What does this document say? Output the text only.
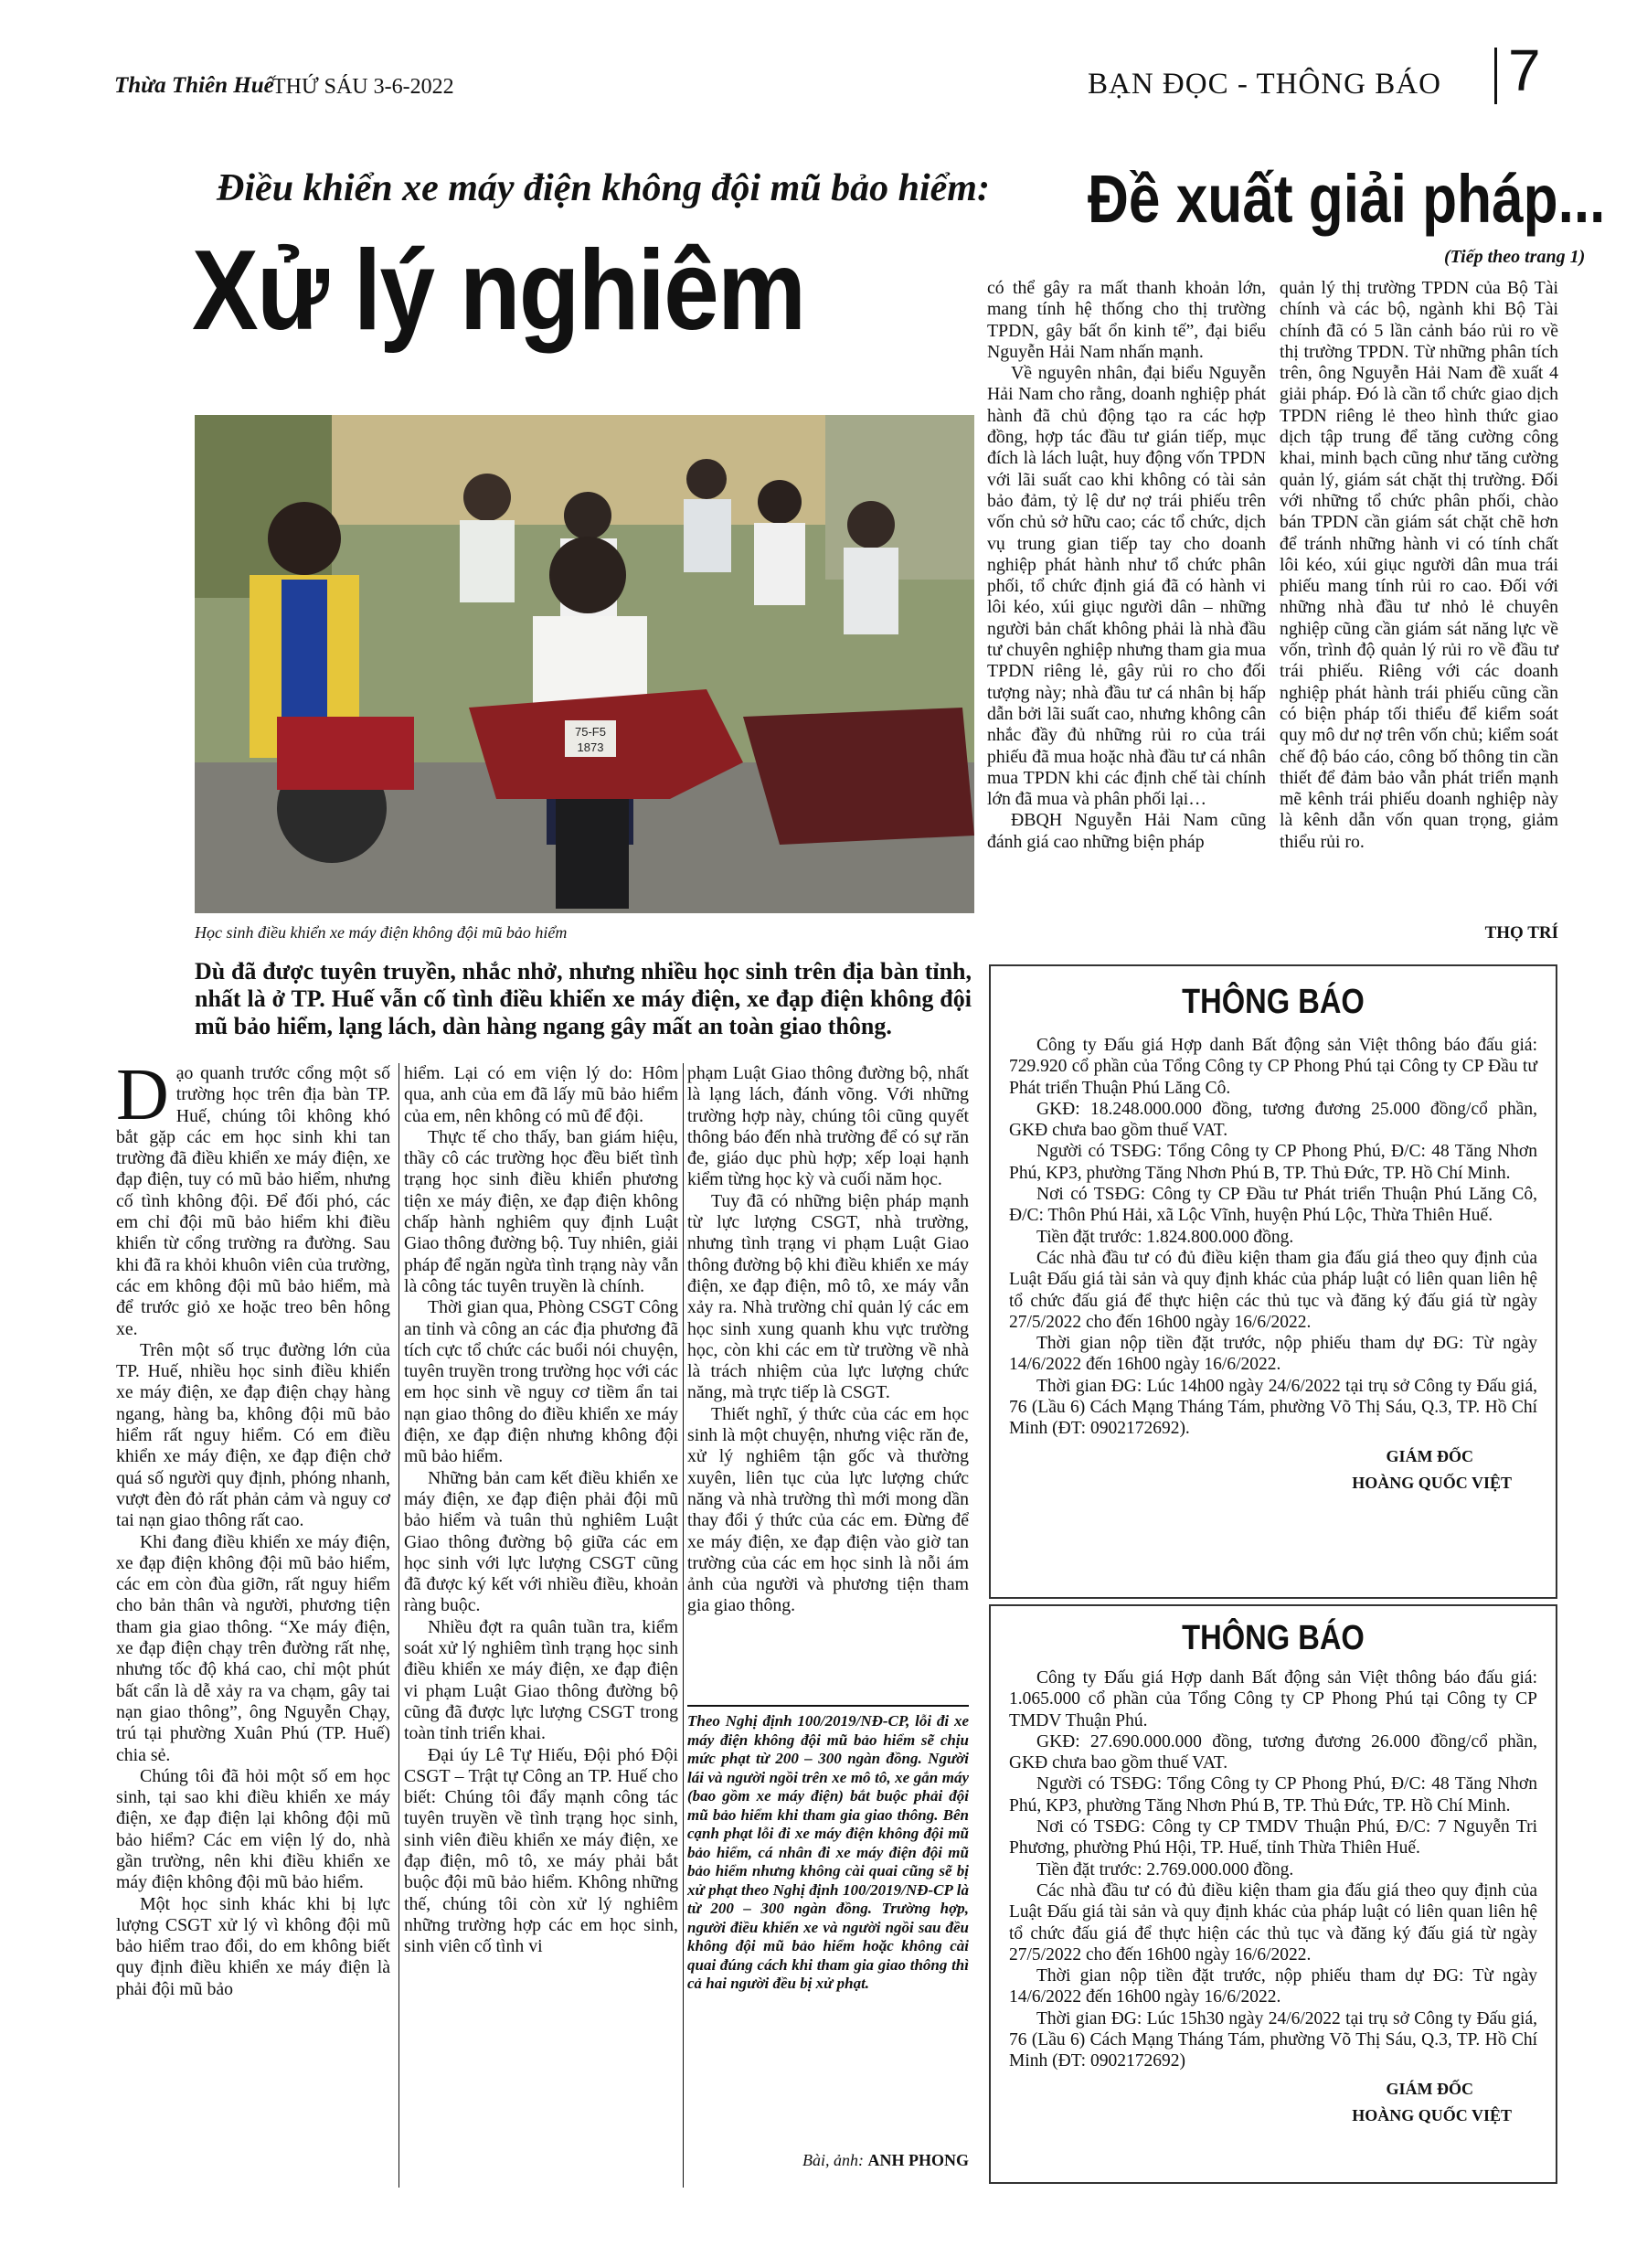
Thừa Thiên Huế
THỨ SÁU 3-6-2022	BẠN ĐỌC - THÔNG BÁO 7
Điều khiển xe máy điện không đội mũ bảo hiểm:
Xử lý nghiêm
75-F5
1873
Học sinh điều khiển xe máy điện không đội mũ bảo hiểm
Dù đã được tuyên truyền, nhắc nhở, nhưng nhiều học sinh trên địa bàn tỉnh, nhất là ở TP. Huế vẫn cố tình điều khiển xe máy điện, xe đạp điện không đội mũ bảo hiểm, lạng lách, dàn hàng ngang gây mất an toàn giao thông.

Dạo quanh trước cổng một số trường học trên địa bàn TP. Huế, chúng tôi không khó bắt gặp các em học sinh khi tan trường đã điều khiển xe máy điện, xe đạp điện, tuy có mũ bảo hiểm, nhưng cố tình không đội. Để đối phó, các em chỉ đội mũ bảo hiểm khi điều khiển từ cổng trường ra đường. Sau khi đã ra khỏi khuôn viên của trường, các em không đội mũ bảo hiểm, mà để trước giỏ xe hoặc treo bên hông xe.

Trên một số trục đường lớn của TP. Huế, nhiều học sinh điều khiển xe máy điện, xe đạp điện chạy hàng ngang, hàng ba, không đội mũ bảo hiểm rất nguy hiểm. Có em điều khiển xe máy điện, xe đạp điện chở quá số người quy định, phóng nhanh, vượt đèn đỏ rất phản cảm và nguy cơ tai nạn giao thông rất cao.

Khi đang điều khiển xe máy điện, xe đạp điện không đội mũ bảo hiểm, các em còn đùa giỡn, rất nguy hiểm cho bản thân và người, phương tiện tham gia giao thông. “Xe máy điện, xe đạp điện chạy trên đường rất nhẹ, nhưng tốc độ khá cao, chỉ một phút bất cẩn là dễ xảy ra va chạm, gây tai nạn giao thông”, ông Nguyễn Chạy, trú tại phường Xuân Phú (TP. Huế) chia sẻ.

Chúng tôi đã hỏi một số em học sinh, tại sao khi điều khiển xe máy điện, xe đạp điện lại không đội mũ bảo hiểm? Các em viện lý do, nhà gần trường, nên khi điều khiển xe máy điện không đội mũ bảo hiểm.

Một học sinh khác khi bị lực lượng CSGT xử lý vì không đội mũ bảo hiểm trao đổi, do em không biết quy định điều khiển xe máy điện là phải đội mũ bảo

hiểm. Lại có em viện lý do: Hôm qua, anh của em đã lấy mũ bảo hiểm của em, nên không có mũ để đội.

Thực tế cho thấy, ban giám hiệu, thầy cô các trường học đều biết tình trạng học sinh điều khiển phương tiện xe máy điện, xe đạp điện không chấp hành nghiêm quy định Luật Giao thông đường bộ. Tuy nhiên, giải pháp để ngăn ngừa tình trạng này vẫn là công tác tuyên truyền là chính.

Thời gian qua, Phòng CSGT Công an tỉnh và công an các địa phương đã tích cực tổ chức các buổi nói chuyện, tuyên truyền trong trường học với các em học sinh về nguy cơ tiềm ẩn tai nạn giao thông do điều khiển xe máy điện, xe đạp điện nhưng không đội mũ bảo hiểm.

Những bản cam kết điều khiển xe máy điện, xe đạp điện phải đội mũ bảo hiểm và tuân thủ nghiêm Luật Giao thông đường bộ giữa các em học sinh với lực lượng CSGT cũng đã được ký kết với nhiều điều, khoản ràng buộc.

Nhiều đợt ra quân tuần tra, kiểm soát xử lý nghiêm tình trạng học sinh điều khiển xe máy điện, xe đạp điện vi phạm Luật Giao thông đường bộ cũng đã được lực lượng CSGT trong toàn tỉnh triển khai.

Đại úy Lê Tự Hiếu, Đội phó Đội CSGT – Trật tự Công an TP. Huế cho biết: Chúng tôi đẩy mạnh công tác tuyên truyền về tình trạng học sinh, sinh viên điều khiển xe máy điện, xe đạp điện, mô tô, xe máy phải bắt buộc đội mũ bảo hiểm. Không những thế, chúng tôi còn xử lý nghiêm những trường hợp các em học sinh, sinh viên cố tình vi

phạm Luật Giao thông đường bộ, nhất là lạng lách, đánh võng. Với những trường hợp này, chúng tôi cũng quyết thông báo đến nhà trường để có sự răn đe, giáo dục phù hợp; xếp loại hạnh kiểm từng học kỳ và cuối năm học.

Tuy đã có những biện pháp mạnh từ lực lượng CSGT, nhà trường, nhưng tình trạng vi phạm Luật Giao thông đường bộ khi điều khiển xe máy điện, xe đạp điện, mô tô, xe máy vẫn xảy ra. Nhà trường chỉ quản lý các em học sinh xung quanh khu vực trường học, còn khi các em từ trường về nhà là trách nhiệm của lực lượng chức năng, mà trực tiếp là CSGT.

Thiết nghĩ, ý thức của các em học sinh là một chuyện, nhưng việc răn đe, xử lý nghiêm tận gốc và thường xuyên, liên tục của lực lượng chức năng và nhà trường thì mới mong dần thay đổi ý thức của các em. Đừng để xe máy điện, xe đạp điện vào giờ tan trường của các em học sinh là nỗi ám ảnh của người và phương tiện tham gia giao thông.

Theo Nghị định 100/2019/NĐ-CP, lỗi đi xe máy điện không đội mũ bảo hiểm sẽ chịu mức phạt từ 200 – 300 ngàn đồng. Người lái và người ngồi trên xe mô tô, xe gắn máy (bao gồm xe máy điện) bắt buộc phải đội mũ bảo hiểm khi tham gia giao thông. Bên cạnh phạt lỗi đi xe máy điện không đội mũ bảo hiểm, cá nhân đi xe máy điện đội mũ bảo hiểm nhưng không cài quai cũng sẽ bị xử phạt theo Nghị định 100/2019/NĐ-CP là từ 200 – 300 ngàn đồng. Trường hợp, người điều khiển xe và người ngồi sau đều không đội mũ bảo hiểm hoặc không cài quai đúng cách khi tham gia giao thông thì cả hai người đều bị xử phạt.
Bài, ảnh: ANH PHONG
Đề xuất giải pháp...
(Tiếp theo trang 1)

có thể gây ra mất thanh khoản lớn, mang tính hệ thống cho thị trường TPDN, gây bất ổn kinh tế”, đại biểu Nguyễn Hải Nam nhấn mạnh.

Về nguyên nhân, đại biểu Nguyễn Hải Nam cho rằng, doanh nghiệp phát hành đã chủ động tạo ra các hợp đồng, hợp tác đầu tư gián tiếp, mục đích là lách luật, huy động vốn TPDN với lãi suất cao khi không có tài sản bảo đảm, tỷ lệ dư nợ trái phiếu trên vốn chủ sở hữu cao; các tổ chức, dịch vụ trung gian tiếp tay cho doanh nghiệp phát hành như tổ chức phân phối, tổ chức định giá đã có hành vi lôi kéo, xúi giục người dân – những người bản chất không phải là nhà đầu tư chuyên nghiệp nhưng tham gia mua TPDN riêng lẻ, gây rủi ro cho đối tượng này; nhà đầu tư cá nhân bị hấp dẫn bởi lãi suất cao, nhưng không cân nhắc đầy đủ những rủi ro của trái phiếu đã mua hoặc nhà đầu tư cá nhân mua TPDN khi các định chế tài chính lớn đã mua và phân phối lại…

ĐBQH Nguyễn Hải Nam cũng đánh giá cao những biện pháp

quản lý thị trường TPDN của Bộ Tài chính và các bộ, ngành khi Bộ Tài chính đã có 5 lần cảnh báo rủi ro về thị trường TPDN. Từ những phân tích trên, ông Nguyễn Hải Nam đề xuất 4 giải pháp. Đó là cần tổ chức giao dịch TPDN riêng lẻ theo hình thức giao dịch tập trung để tăng cường công khai, minh bạch cũng như tăng cường quản lý, giám sát chặt thị trường. Đối với những tổ chức phân phối, chào bán TPDN cần giám sát chặt chẽ hơn để tránh những hành vi có tính chất lôi kéo, xúi giục người dân mua trái phiếu mang tính rủi ro cao. Đối với những nhà đầu tư nhỏ lẻ chuyên nghiệp cũng cần giám sát năng lực về vốn, trình độ quản lý rủi ro về đầu tư trái phiếu. Riêng với các doanh nghiệp phát hành trái phiếu cũng cần có biện pháp tối thiểu để kiểm soát quy mô dư nợ trên vốn chủ; kiểm soát chế độ báo cáo, công bố thông tin cần thiết để đảm bảo vẫn phát triển mạnh mẽ kênh trái phiếu doanh nghiệp này là kênh dẫn vốn quan trọng, giảm thiểu rủi ro.

THỌ TRÍ
THÔNG BÁO

Công ty Đấu giá Hợp danh Bất động sản Việt thông báo đấu giá: 729.920 cổ phần của Tổng Công ty CP Phong Phú tại Công ty CP Đầu tư Phát triển Thuận Phú Lăng Cô.

GKĐ: 18.248.000.000 đồng, tương đương 25.000 đồng/cổ phần, GKĐ chưa bao gồm thuế VAT.

Người có TSĐG: Tổng Công ty CP Phong Phú, Đ/C: 48 Tăng Nhơn Phú, KP3, phường Tăng Nhơn Phú B, TP. Thủ Đức, TP. Hồ Chí Minh.

Nơi có TSĐG: Công ty CP Đầu tư Phát triển Thuận Phú Lăng Cô, Đ/C: Thôn Phú Hải, xã Lộc Vĩnh, huyện Phú Lộc, Thừa Thiên Huế.

Tiền đặt trước: 1.824.800.000 đồng.

Các nhà đầu tư có đủ điều kiện tham gia đấu giá theo quy định của Luật Đấu giá tài sản và quy định khác của pháp luật có liên quan liên hệ tổ chức đấu giá để thực hiện các thủ tục và đăng ký đấu giá từ ngày 27/5/2022 cho đến 16h00 ngày 16/6/2022.

Thời gian nộp tiền đặt trước, nộp phiếu tham dự ĐG: Từ ngày 14/6/2022 đến 16h00 ngày 16/6/2022.

Thời gian ĐG: Lúc 14h00 ngày 24/6/2022 tại trụ sở Công ty Đấu giá, 76 (Lầu 6) Cách Mạng Tháng Tám, phường Võ Thị Sáu, Q.3, TP. Hồ Chí Minh (ĐT: 0902172692).

GIÁM ĐỐC
HOÀNG QUỐC VIỆT
THÔNG BÁO

Công ty Đấu giá Hợp danh Bất động sản Việt thông báo đấu giá: 1.065.000 cổ phần của Tổng Công ty CP Phong Phú tại Công ty CP TMDV Thuận Phú.

GKĐ: 27.690.000.000 đồng, tương đương 26.000 đồng/cổ phần, GKĐ chưa bao gồm thuế VAT.

Người có TSĐG: Tổng Công ty CP Phong Phú, Đ/C: 48 Tăng Nhơn Phú, KP3, phường Tăng Nhơn Phú B, TP. Thủ Đức, TP. Hồ Chí Minh.

Nơi có TSĐG: Công ty CP TMDV Thuận Phú, Đ/C: 7 Nguyễn Tri Phương, phường Phú Hội, TP. Huế, tỉnh Thừa Thiên Huế.

Tiền đặt trước: 2.769.000.000 đồng.

Các nhà đầu tư có đủ điều kiện tham gia đấu giá theo quy định của Luật Đấu giá tài sản và quy định khác của pháp luật có liên quan liên hệ tổ chức đấu giá để thực hiện các thủ tục và đăng ký đấu giá từ ngày 27/5/2022 cho đến 16h00 ngày 16/6/2022.

Thời gian nộp tiền đặt trước, nộp phiếu tham dự ĐG: Từ ngày 14/6/2022 đến 16h00 ngày 16/6/2022.

Thời gian ĐG: Lúc 15h30 ngày 24/6/2022 tại trụ sở Công ty Đấu giá, 76 (Lầu 6) Cách Mạng Tháng Tám, phường Võ Thị Sáu, Q.3, TP. Hồ Chí Minh (ĐT: 0902172692)

GIÁM ĐỐC
HOÀNG QUỐC VIỆT
